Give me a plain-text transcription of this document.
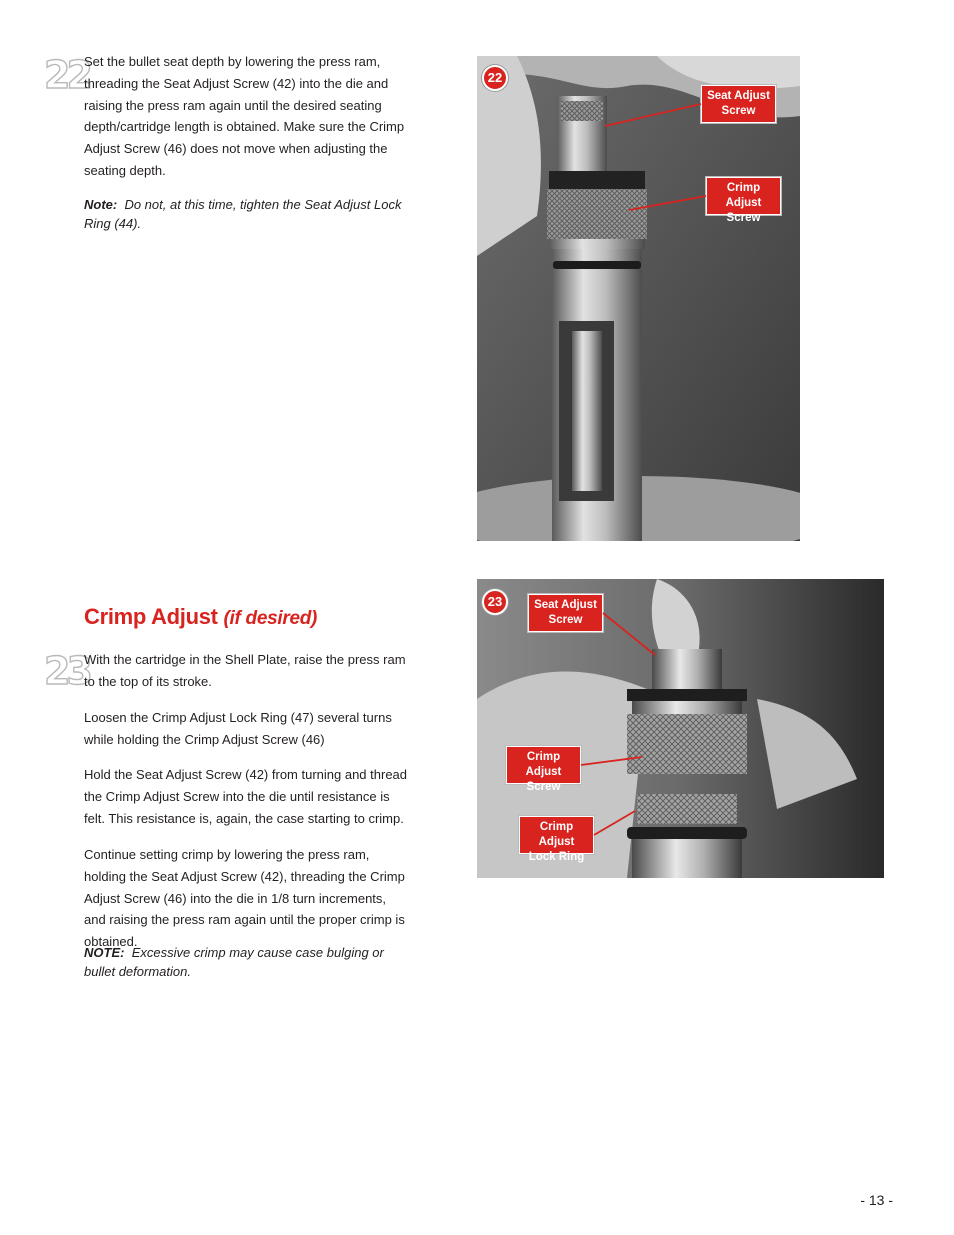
22

Set the bullet seat depth by lowering the press ram, threading the Seat Adjust Screw (42) into the die and raising the press ram again until the desired seating depth/cartridge length is obtained. Make sure the Crimp Adjust Screw (46) does not move when adjusting the seating depth.

Note: Do not, at this time, tighten the Seat Adjust Lock Ring (44).

22
Seat Adjust
Screw
Crimp Adjust
Screw
Crimp Adjust (if desired)
23

With the cartridge in the Shell Plate, raise the press ram to the top of its stroke.

Loosen the Crimp Adjust Lock Ring (47) several turns while holding the Crimp Adjust Screw (46)

Hold the Seat Adjust Screw (42) from turning and thread the Crimp Adjust Screw into the die until resistance is felt. This resistance is, again, the case starting to crimp.

Continue setting crimp by lowering the press ram, holding the Seat Adjust Screw (42), threading the Crimp Adjust Screw (46) into the die in 1/8 turn increments, and raising the press ram again until the proper crimp is obtained.

NOTE: Excessive crimp may cause case bulging or bullet deformation.

23	Seat Adjust
Screw
Crimp Adjust
Screw
Crimp Adjust
Lock Ring
- 13 -
